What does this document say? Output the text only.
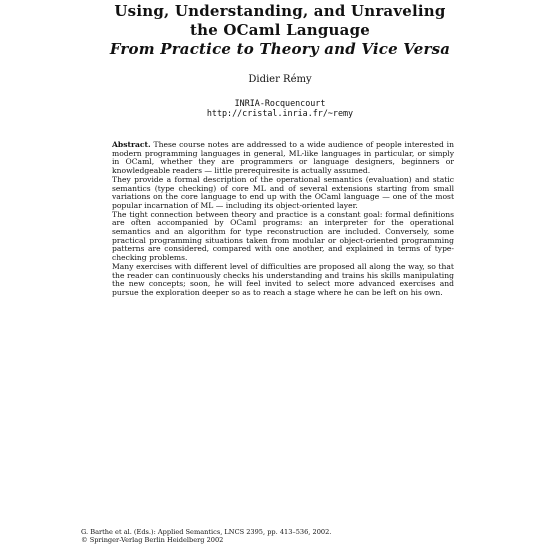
Using, Understanding, and Unraveling
the OCaml Language
From Practice to Theory and Vice Versa
Didier Rémy
INRIA-Rocquencourt
http://cristal.inria.fr/~remy

Abstract. These course notes are addressed to a wide audience of people interested in modern programming languages in general, ML-like languages in particular, or simply in OCaml, whether they are programmers or language designers, beginners or knowledgeable readers — little prerequiresite is actually assumed.

They provide a formal description of the operational semantics (evaluation) and static semantics (type checking) of core ML and of several extensions starting from small variations on the core language to end up with the OCaml language — one of the most popular incarnation of ML — including its object-oriented layer.

The tight connection between theory and practice is a constant goal: formal definitions are often accompanied by OCaml programs: an interpreter for the operational semantics and an algorithm for type reconstruction are included. Conversely, some practical programming situations taken from modular or object-oriented programming patterns are considered, compared with one another, and explained in terms of type-checking problems.

Many exercises with different level of difficulties are proposed all along the way, so that the reader can continuously checks his understanding and trains his skills manipulating the new concepts; soon, he will feel invited to select more advanced exercises and pursue the exploration deeper so as to reach a stage where he can be left on his own.

G. Barthe et al. (Eds.): Applied Semantics, LNCS 2395, pp. 413–536, 2002.
© Springer-Verlag Berlin Heidelberg 2002
